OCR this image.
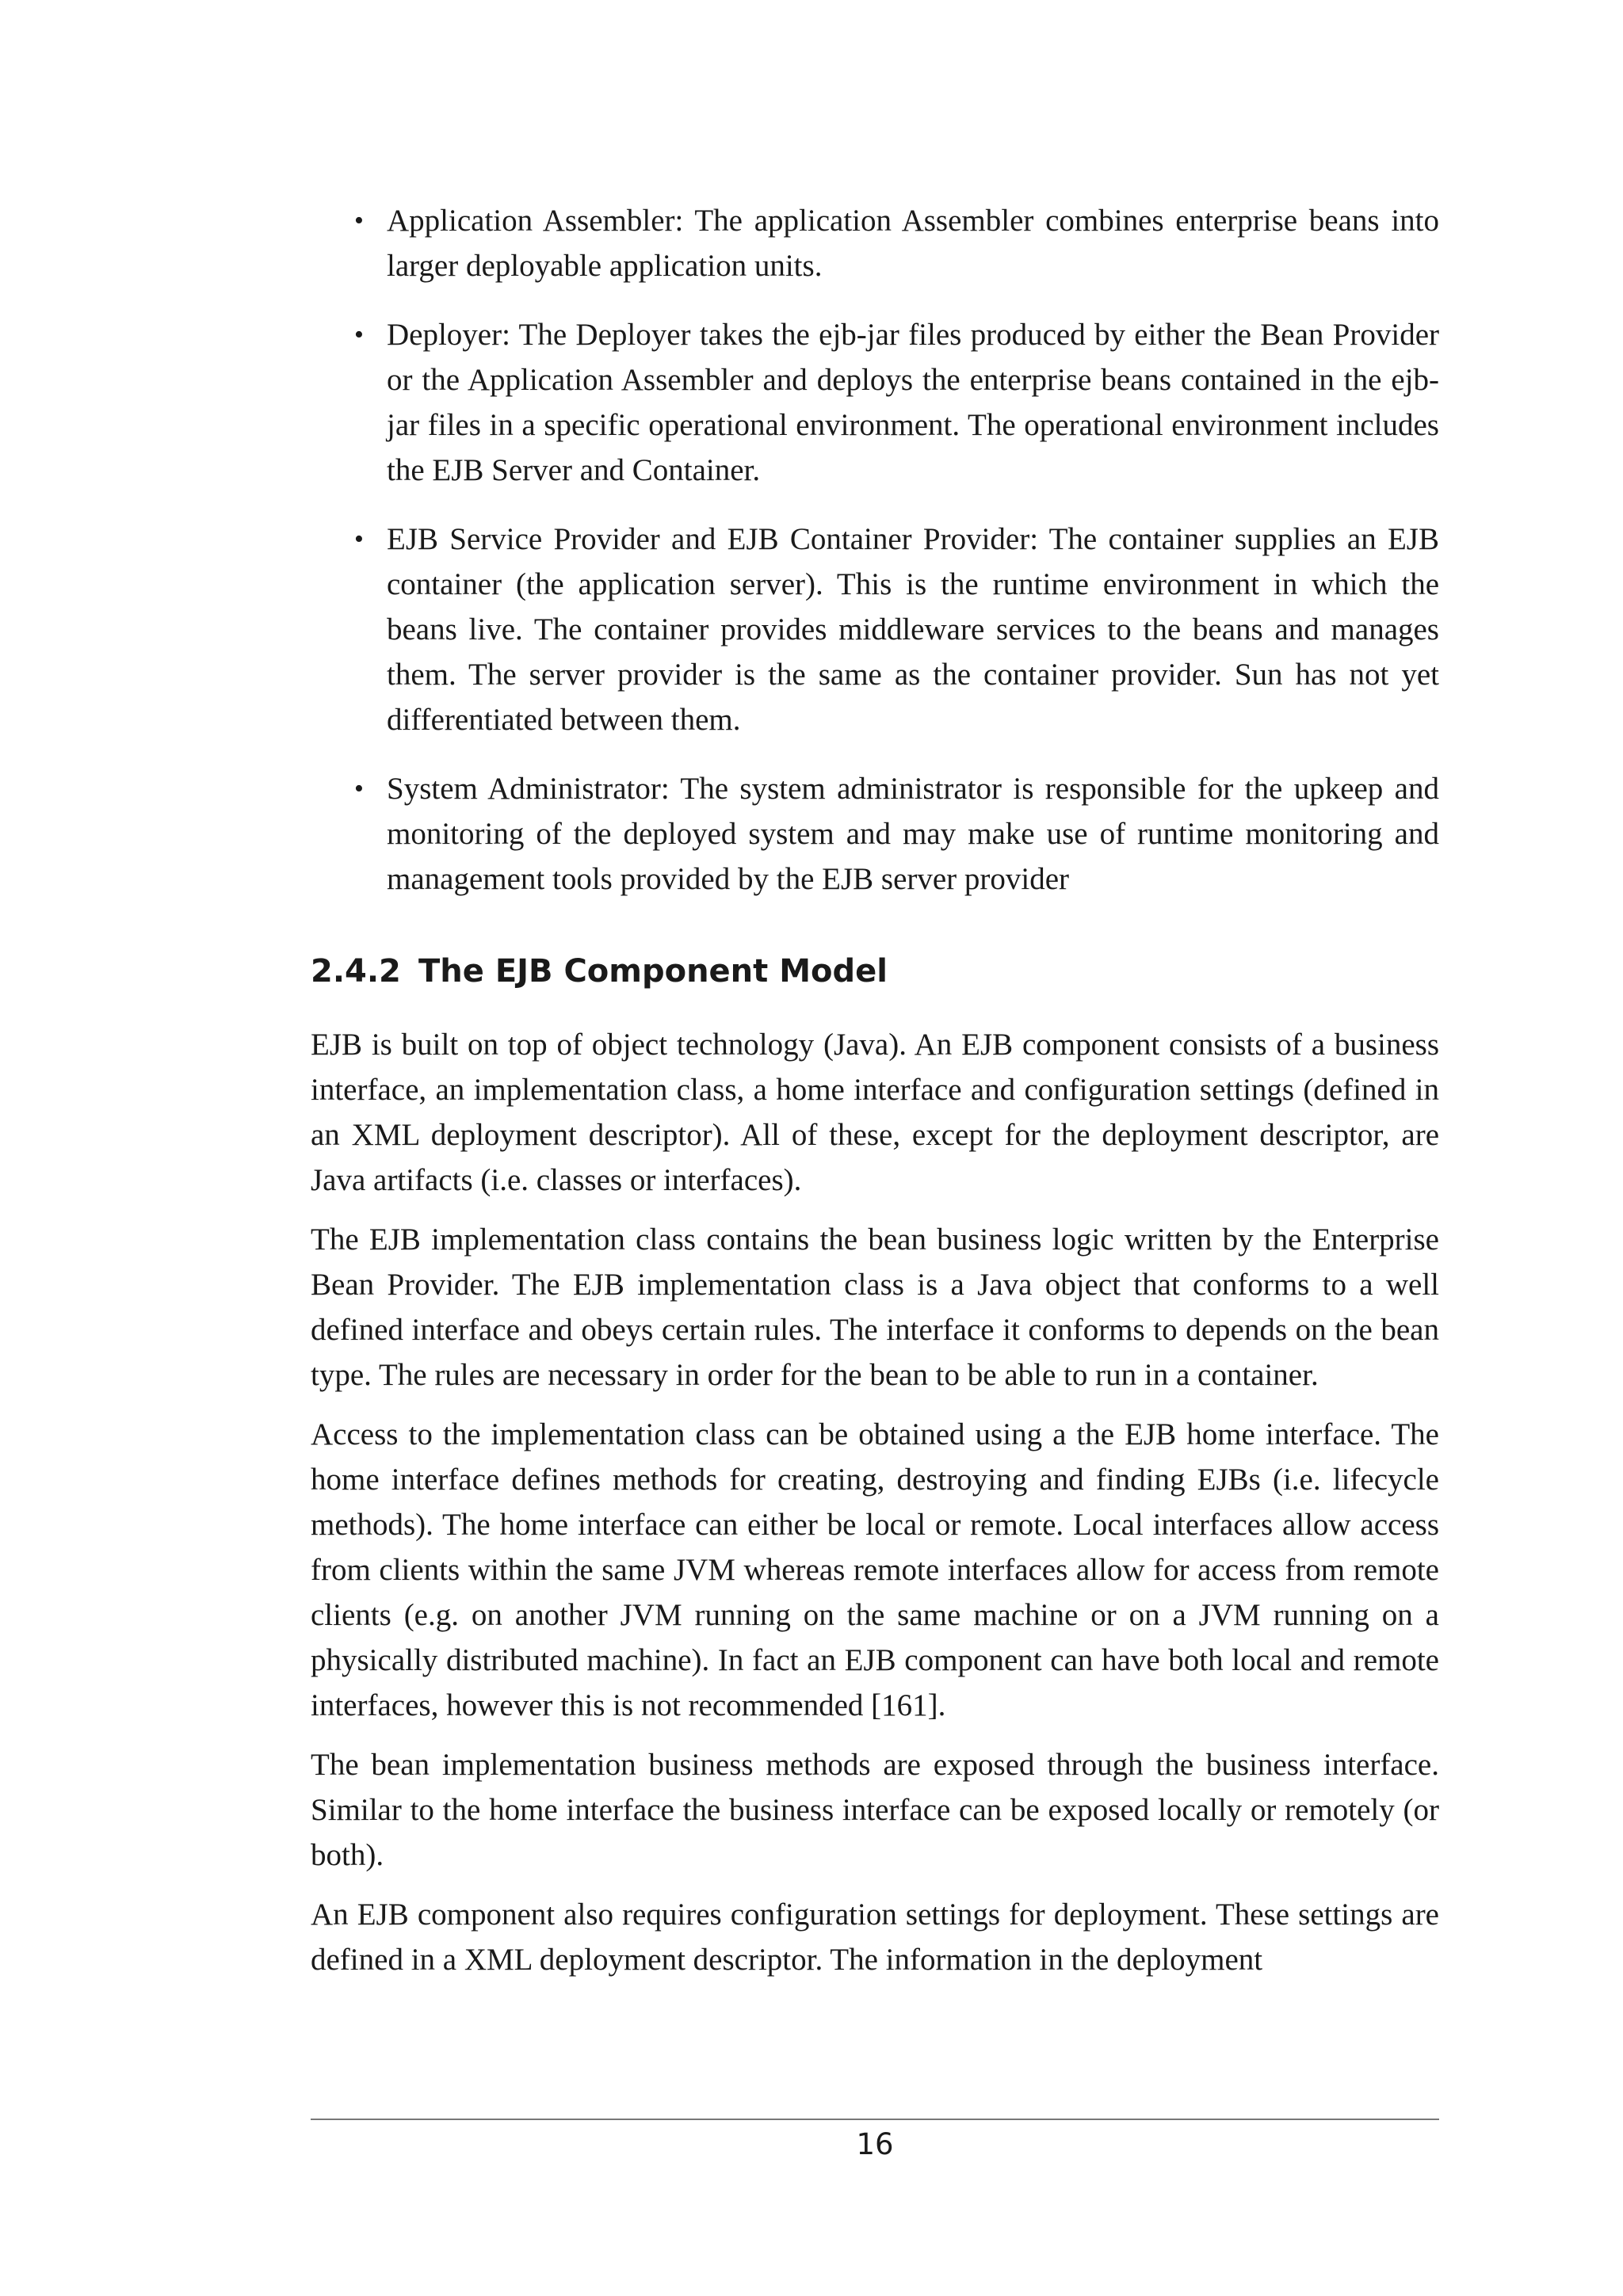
• Application Assembler: The application Assembler combines enterprise beans into larger deployable application units.
• Deployer: The Deployer takes the ejb-jar files produced by either the Bean Provider or the Application Assembler and deploys the enterprise beans contained in the ejb-jar files in a specific operational environment. The operational environment includes the EJB Server and Container.
• EJB Service Provider and EJB Container Provider: The container supplies an EJB container (the application server). This is the runtime environment in which the beans live. The container provides middleware services to the beans and manages them. The server provider is the same as the container provider. Sun has not yet differentiated between them.
• System Administrator: The system administrator is responsible for the upkeep and monitoring of the deployed system and may make use of runtime monitoring and management tools provided by the EJB server provider
2.4.2 The EJB Component Model

EJB is built on top of object technology (Java). An EJB component consists of a business interface, an implementation class, a home interface and configuration settings (defined in an XML deployment descriptor). All of these, except for the deployment descriptor, are Java artifacts (i.e. classes or interfaces).

The EJB implementation class contains the bean business logic written by the Enterprise Bean Provider. The EJB implementation class is a Java object that conforms to a well defined interface and obeys certain rules. The interface it conforms to depends on the bean type. The rules are necessary in order for the bean to be able to run in a container.

Access to the implementation class can be obtained using a the EJB home interface. The home interface defines methods for creating, destroying and finding EJBs (i.e. lifecycle methods). The home interface can either be local or remote. Local interfaces allow access from clients within the same JVM whereas remote interfaces allow for access from remote clients (e.g. on another JVM running on the same machine or on a JVM running on a physically distributed machine). In fact an EJB component can have both local and remote interfaces, however this is not recommended [161].

The bean implementation business methods are exposed through the business interface. Similar to the home interface the business interface can be exposed locally or remotely (or both).

An EJB component also requires configuration settings for deployment. These settings are defined in a XML deployment descriptor. The information in the deployment

16
